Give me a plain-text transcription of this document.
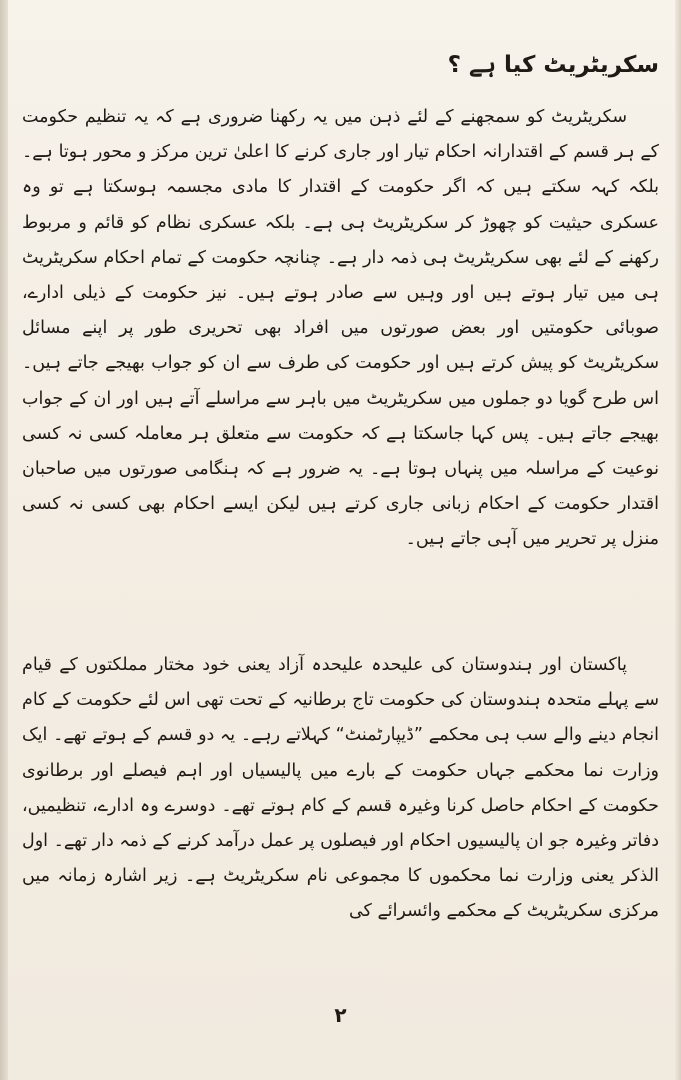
سکریٹریٹ کیا ہے ؟

سکریٹریٹ کو سمجھنے کے لئے ذہن میں یہ رکھنا ضروری ہے کہ یہ تنظیم حکومت کے ہر قسم کے اقتدارانہ احکام تیار اور جاری کرنے کا اعلیٰ ترین مرکز و محور ہوتا ہے۔ بلکہ کہہ سکتے ہیں کہ اگر حکومت کے اقتدار کا مادی مجسمہ ہوسکتا ہے تو وہ عسکری حیثیت کو چھوڑ کر سکریٹریٹ ہی ہے۔ بلکہ عسکری نظام کو قائم و مربوط رکھنے کے لئے بھی سکریٹریٹ ہی ذمہ دار ہے۔ چنانچہ حکومت کے تمام احکام سکریٹریٹ ہی میں تیار ہوتے ہیں اور وہیں سے صادر ہوتے ہیں۔ نیز حکومت کے ذیلی ادارے، صوبائی حکومتیں اور بعض صورتوں میں افراد بھی تحریری طور پر اپنے مسائل سکریٹریٹ کو پیش کرتے ہیں اور حکومت کی طرف سے ان کو جواب بھیجے جاتے ہیں۔ اس طرح گویا دو جملوں میں سکریٹریٹ میں باہر سے مراسلے آتے ہیں اور ان کے جواب بھیجے جاتے ہیں۔ پس کہا جاسکتا ہے کہ حکومت سے متعلق ہر معاملہ کسی نہ کسی نوعیت کے مراسلہ میں پنہاں ہوتا ہے۔ یہ ضرور ہے کہ ہنگامی صورتوں میں صاحبان اقتدار حکومت کے احکام زبانی جاری کرتے ہیں لیکن ایسے احکام بھی کسی نہ کسی منزل پر تحریر میں آہی جاتے ہیں۔

پاکستان اور ہندوستان کی علیحدہ علیحدہ آزاد یعنی خود مختار مملکتوں کے قیام سے پہلے متحدہ ہندوستان کی حکومت تاج برطانیہ کے تحت تھی اس لئے حکومت کے کام انجام دینے والے سب ہی محکمے ”ڈیپارٹمنٹ“ کہلاتے رہے۔ یہ دو قسم کے ہوتے تھے۔ ایک وزارت نما محکمے جہاں حکومت کے بارے میں پالیسیاں اور اہم فیصلے اور برطانوی حکومت کے احکام حاصل کرنا وغیرہ قسم کے کام ہوتے تھے۔ دوسرے وہ ادارے، تنظیمیں، دفاتر وغیرہ جو ان پالیسیوں احکام اور فیصلوں پر عمل درآمد کرنے کے ذمہ دار تھے۔ اول الذکر یعنی وزارت نما محکموں کا مجموعی نام سکریٹریٹ ہے۔ زیر اشارہ زمانہ میں مرکزی سکریٹریٹ کے محکمے وائسرائے کی

۲
